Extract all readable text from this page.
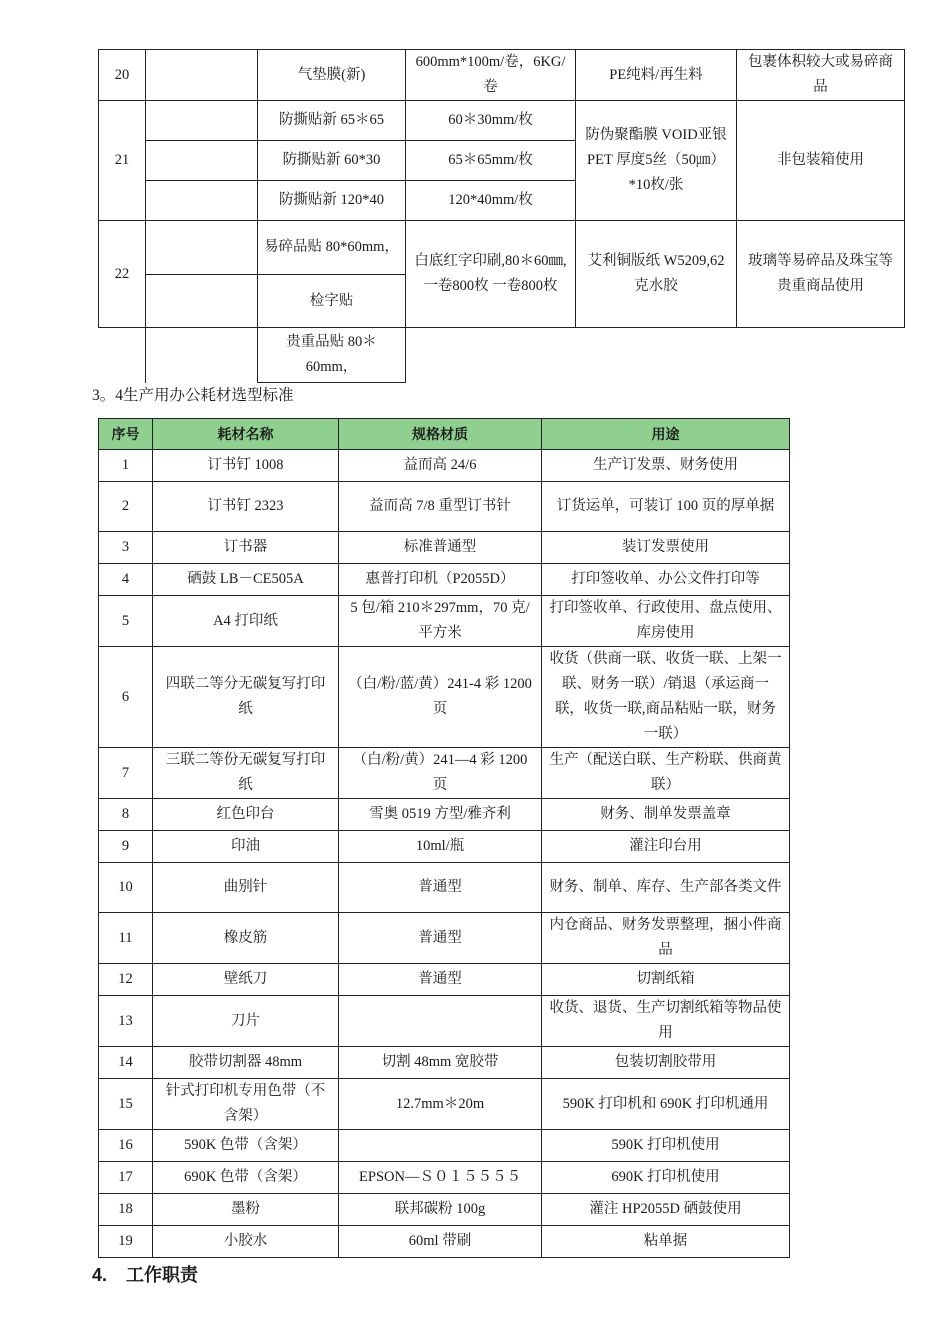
20		气垫膜(新)	600mm*100m/卷，6KG/卷	PE纯料/再生料	包裹体积较大或易碎商品
21		防撕贴新 65＊65	60＊30mm/枚	防伪聚酯膜 VOID亚银PET 厚度5丝（50㎛）*10枚/张	非包装箱使用
		防撕贴新 60*30	65＊65mm/枚		
		防撕贴新 120*40	120*40mm/枚		
22		易碎品贴 80*60mm，	白底红字印刷,80＊60㎜,一卷800枚 一卷800枚	艾利铜版纸 W5209,62克水胶	玻璃等易碎品及珠宝等贵重商品使用
		检字贴			
		贵重品贴 80＊60mm，			
3。4生产用办公耗材选型标准
序号	耗材名称	规格材质	用途
1	订书钉 1008	益而高 24/6	生产订发票、财务使用
2	订书钉 2323	益而高 7/8 重型订书针	订货运单，可装订 100 页的厚单据
3	订书器	标准普通型	装订发票使用
4	硒鼓 LB－CE505A	惠普打印机（P2055D）	打印签收单、办公文件打印等
5	A4 打印纸	5 包/箱 210＊297mm，70 克/平方米	打印签收单、行政使用、盘点使用、库房使用
6	四联二等分无碳复写打印纸	（白/粉/蓝/黄）241-4 彩 1200 页	收货（供商一联、收货一联、上架一联、财务一联）/销退（承运商一联，收货一联,商品粘贴一联，财务一联）
7	三联二等份无碳复写打印纸	（白/粉/黄）241—4 彩 1200 页	生产（配送白联、生产粉联、供商黄联）
8	红色印台	雪奥 0519 方型/雅齐利	财务、制单发票盖章
9	印油	10ml/瓶	灌注印台用
10	曲别针	普通型	财务、制单、库存、生产部各类文件
11	橡皮筋	普通型	内仓商品、财务发票整理，捆小件商品
12	壁纸刀	普通型	切割纸箱
13	刀片		收货、退货、生产切割纸箱等物品使用
14	胶带切割器 48mm	切割 48mm 宽胶带	包装切割胶带用
15	针式打印机专用色带（不含架）	12.7mm＊20m	590K 打印机和 690K 打印机通用
16	590K 色带（含架）		590K 打印机使用
17	690K 色带（含架）	EPSON—Ｓ０１５５５５	690K 打印机使用
18	墨粉	联邦碳粉 100g	灌注 HP2055D 硒鼓使用
19	小胶水	60ml 带刷	粘单据
4. 工作职责
